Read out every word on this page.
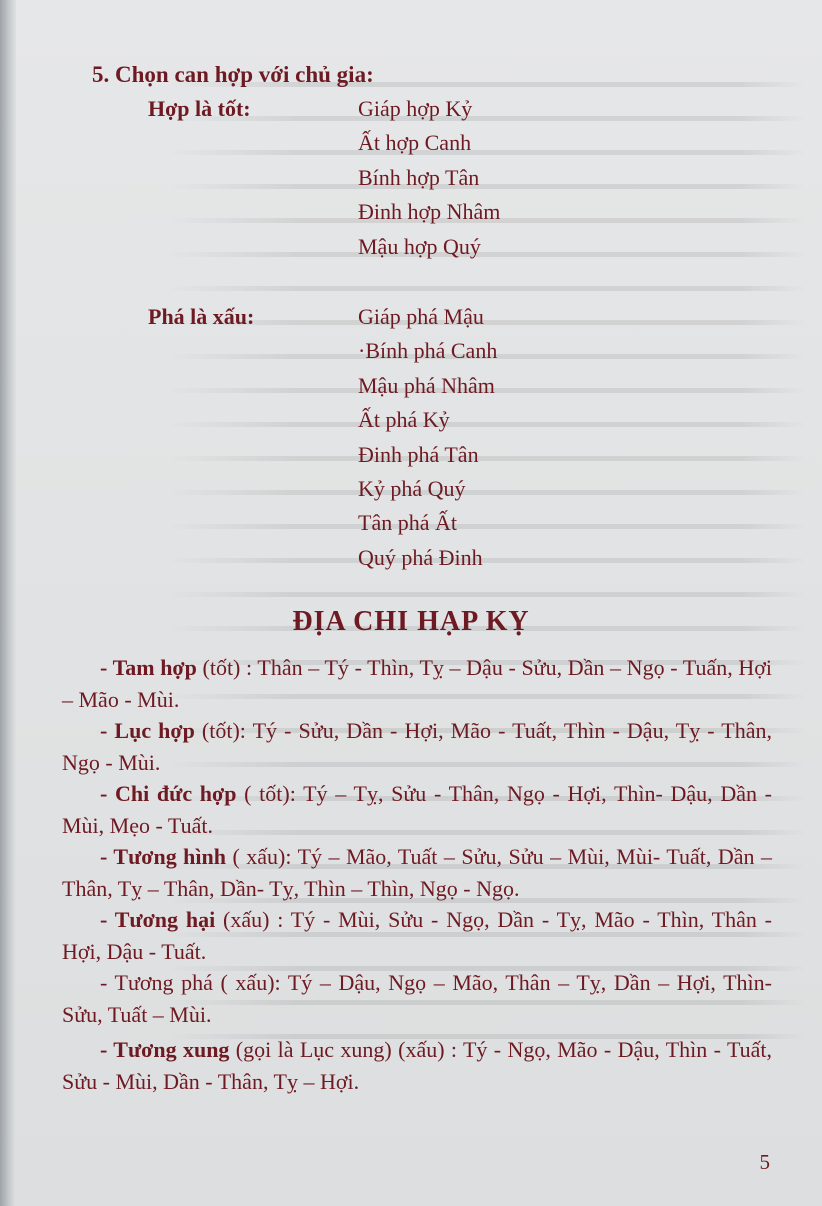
5. Chọn can hợp với chủ gia:
Hợp là tốt:	Giáp hợp Kỷ
Ất hợp Canh
Bính hợp Tân
Đinh hợp Nhâm
Mậu hợp Quý
Phá là xấu:	Giáp phá Mậu
·Bính phá Canh
Mậu phá Nhâm
Ất phá Kỷ
Đinh phá Tân
Kỷ phá Quý
Tân phá Ất
Quý phá Đinh
ĐỊA CHI HẠP KỴ

- Tam hợp (tốt) : Thân – Tý - Thìn, Tỵ – Dậu - Sửu, Dần – Ngọ - Tuấn, Hợi – Mão - Mùi.

- Lục hợp (tốt): Tý - Sửu, Dần - Hợi, Mão - Tuất, Thìn - Dậu, Tỵ - Thân, Ngọ - Mùi.

- Chi đức hợp ( tốt): Tý – Tỵ, Sửu - Thân, Ngọ - Hợi, Thìn- Dậu, Dần - Mùi, Mẹo - Tuất.

- Tương hình ( xấu): Tý – Mão, Tuất – Sửu, Sửu – Mùi, Mùi- Tuất, Dần – Thân, Tỵ – Thân, Dần- Tỵ, Thìn – Thìn, Ngọ - Ngọ.

- Tương hại (xấu) : Tý - Mùi, Sửu - Ngọ, Dần - Tỵ, Mão - Thìn, Thân - Hợi, Dậu - Tuất.

- Tương phá ( xấu): Tý – Dậu, Ngọ – Mão, Thân – Tỵ, Dần – Hợi, Thìn- Sửu, Tuất – Mùi.

- Tương xung (gọi là Lục xung) (xấu) : Tý - Ngọ, Mão - Dậu, Thìn - Tuất, Sửu - Mùi, Dần - Thân, Tỵ – Hợi.

5
